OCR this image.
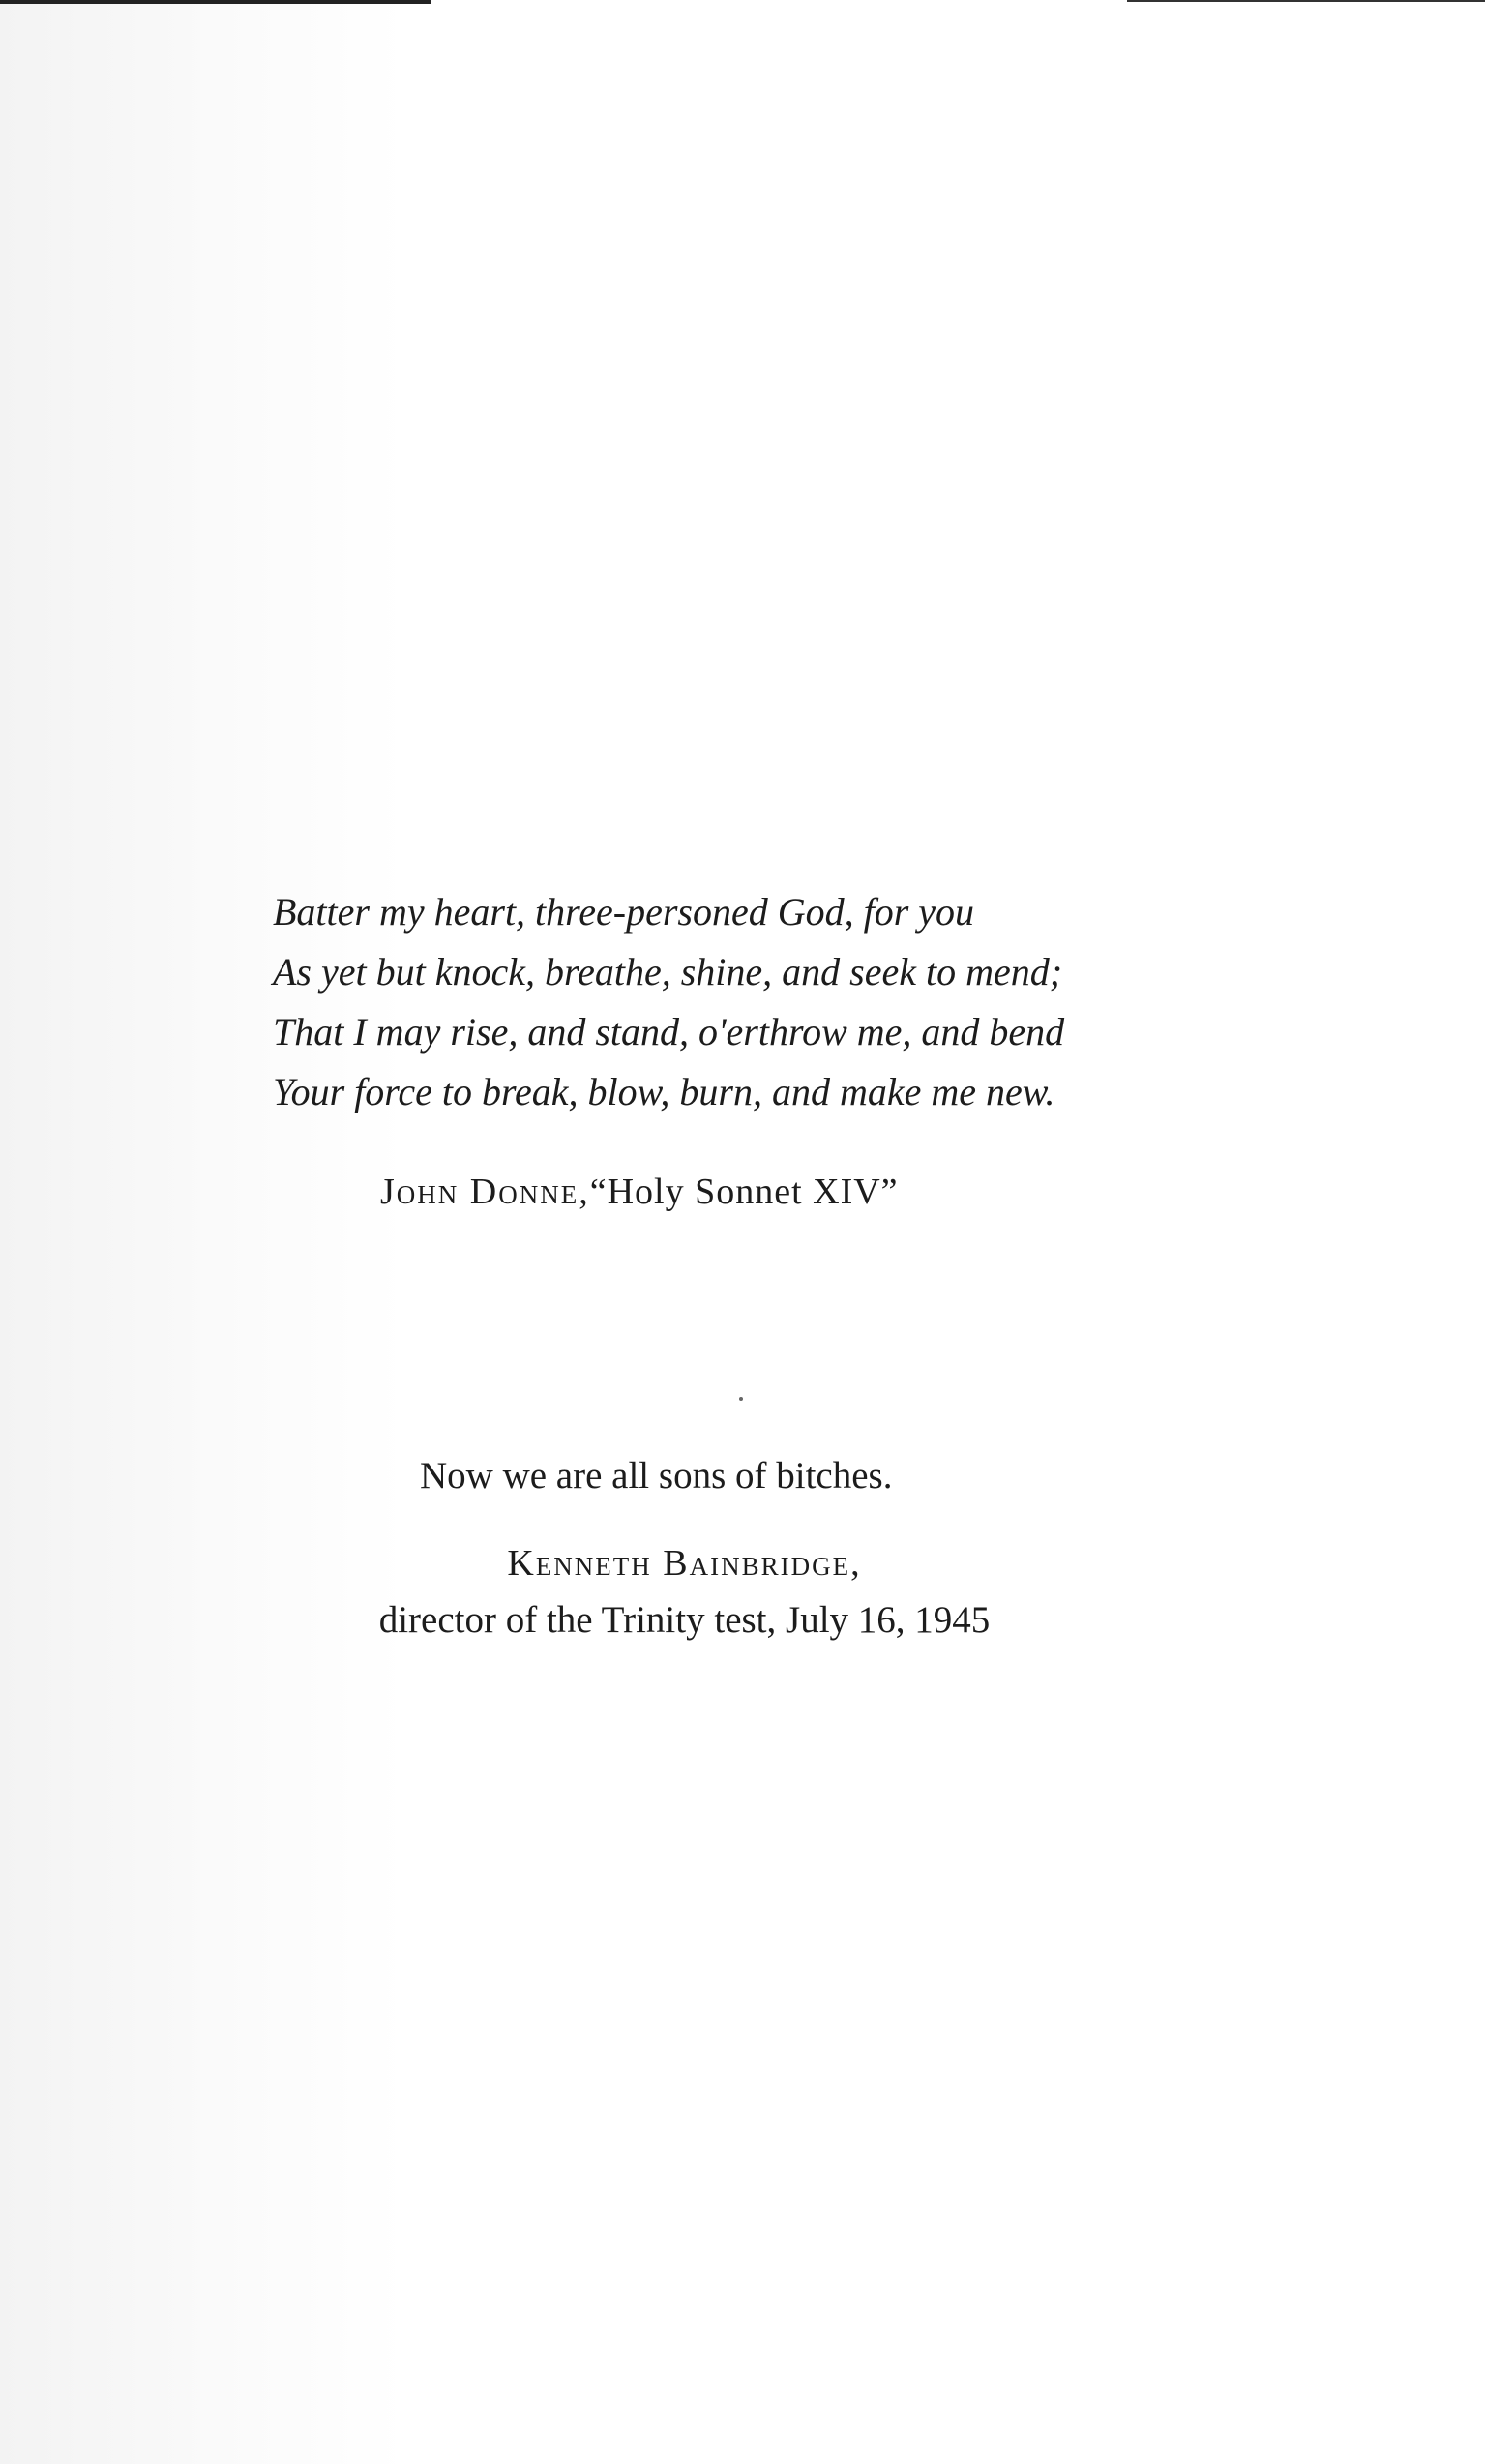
Batter my heart, three-personed God, for you

As yet but knock, breathe, shine, and seek to mend;

That I may rise, and stand, o'erthrow me, and bend

Your force to break, blow, burn, and make me new.

John Donne,“Holy Sonnet XIV”
Now we are all sons of bitches.
Kenneth Bainbridge,
director of the Trinity test, July 16, 1945
